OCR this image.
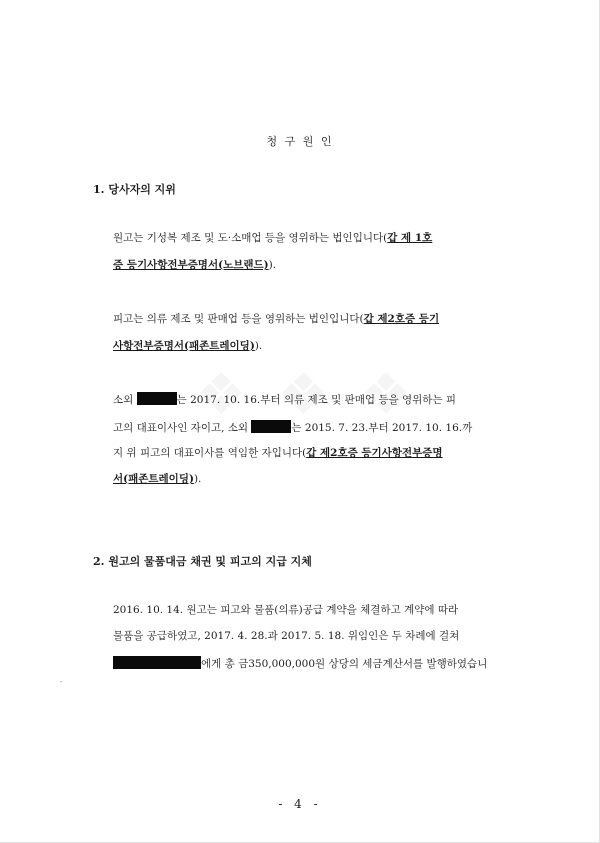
청 구 원 인
1. 당사자의 지위
원고는 기성복 제조 및 도·소매업 등을 영위하는 법인입니다(갑 제 1호
증 등기사항전부증명서(노브랜드)).
피고는 의류 제조 및 판매업 등을 영위하는 법인입니다(갑 제2호증 등기
사항전부증명서(패존트레이딩)).
소외	는 2017. 10. 16.부터 의류 제조 및 판매업 등을 영위하는 피
고의 대표이사인 자이고, 소외	는 2015. 7. 23.부터 2017. 10. 16.까
지 위 피고의 대표이사를 역임한 자입니다(갑 제2호증 등기사항전부증명
서(패존트레이딩)).
2. 원고의 물품대금 채권 및 피고의 지급 지체
2016. 10. 14. 원고는 피고와 물품(의류)공급 계약을 체결하고 계약에 따라
물품을 공급하였고, 2017. 4. 28.과 2017. 5. 18. 위임인은 두 차례에 걸쳐
에게 총 금350,000,000원 상당의 세금계산서를 발행하였습니
-
- 4 -
